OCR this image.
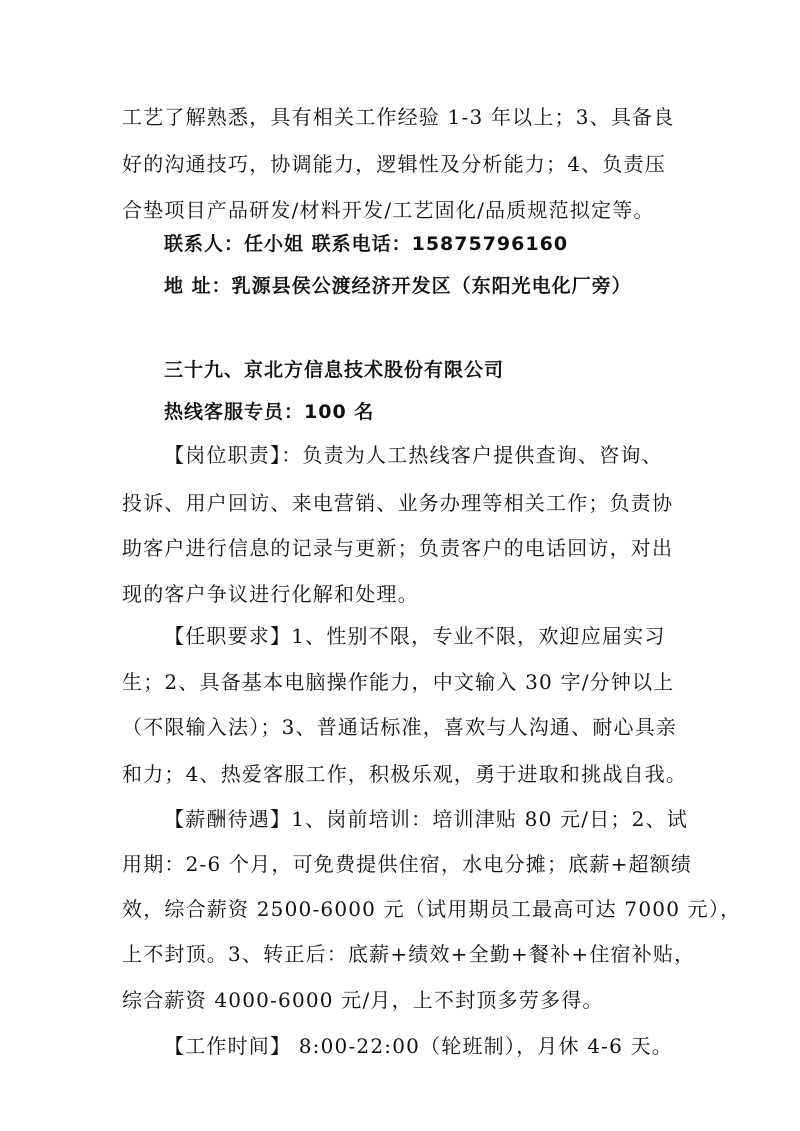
工艺了解熟悉，具有相关工作经验 1-3 年以上；3、具备良

好的沟通技巧，协调能力，逻辑性及分析能力；4、负责压

合垫项目产品研发/材料开发/工艺固化/品质规范拟定等。

联系人：任小姐 联系电话：15875796160

地 址：乳源县侯公渡经济开发区（东阳光电化厂旁）

三十九、京北方信息技术股份有限公司

热线客服专员：100 名

【岗位职责】：负责为人工热线客户提供查询、咨询、

投诉、用户回访、来电营销、业务办理等相关工作；负责协

助客户进行信息的记录与更新；负责客户的电话回访，对出

现的客户争议进行化解和处理。

【任职要求】1、性别不限，专业不限，欢迎应届实习

生；2、具备基本电脑操作能力，中文输入 30 字/分钟以上

（不限输入法）；3、普通话标准，喜欢与人沟通、耐心具亲

和力；4、热爱客服工作，积极乐观，勇于进取和挑战自我。

【薪酬待遇】1、岗前培训：培训津贴 80 元/日；2、试

用期：2-6 个月，可免费提供住宿，水电分摊；底薪+超额绩

效，综合薪资 2500-6000 元（试用期员工最高可达 7000 元），

上不封顶。3、转正后：底薪+绩效+全勤+餐补+住宿补贴，

综合薪资 4000-6000 元/月，上不封顶多劳多得。

【工作时间】 8:00-22:00（轮班制），月休 4-6 天。
